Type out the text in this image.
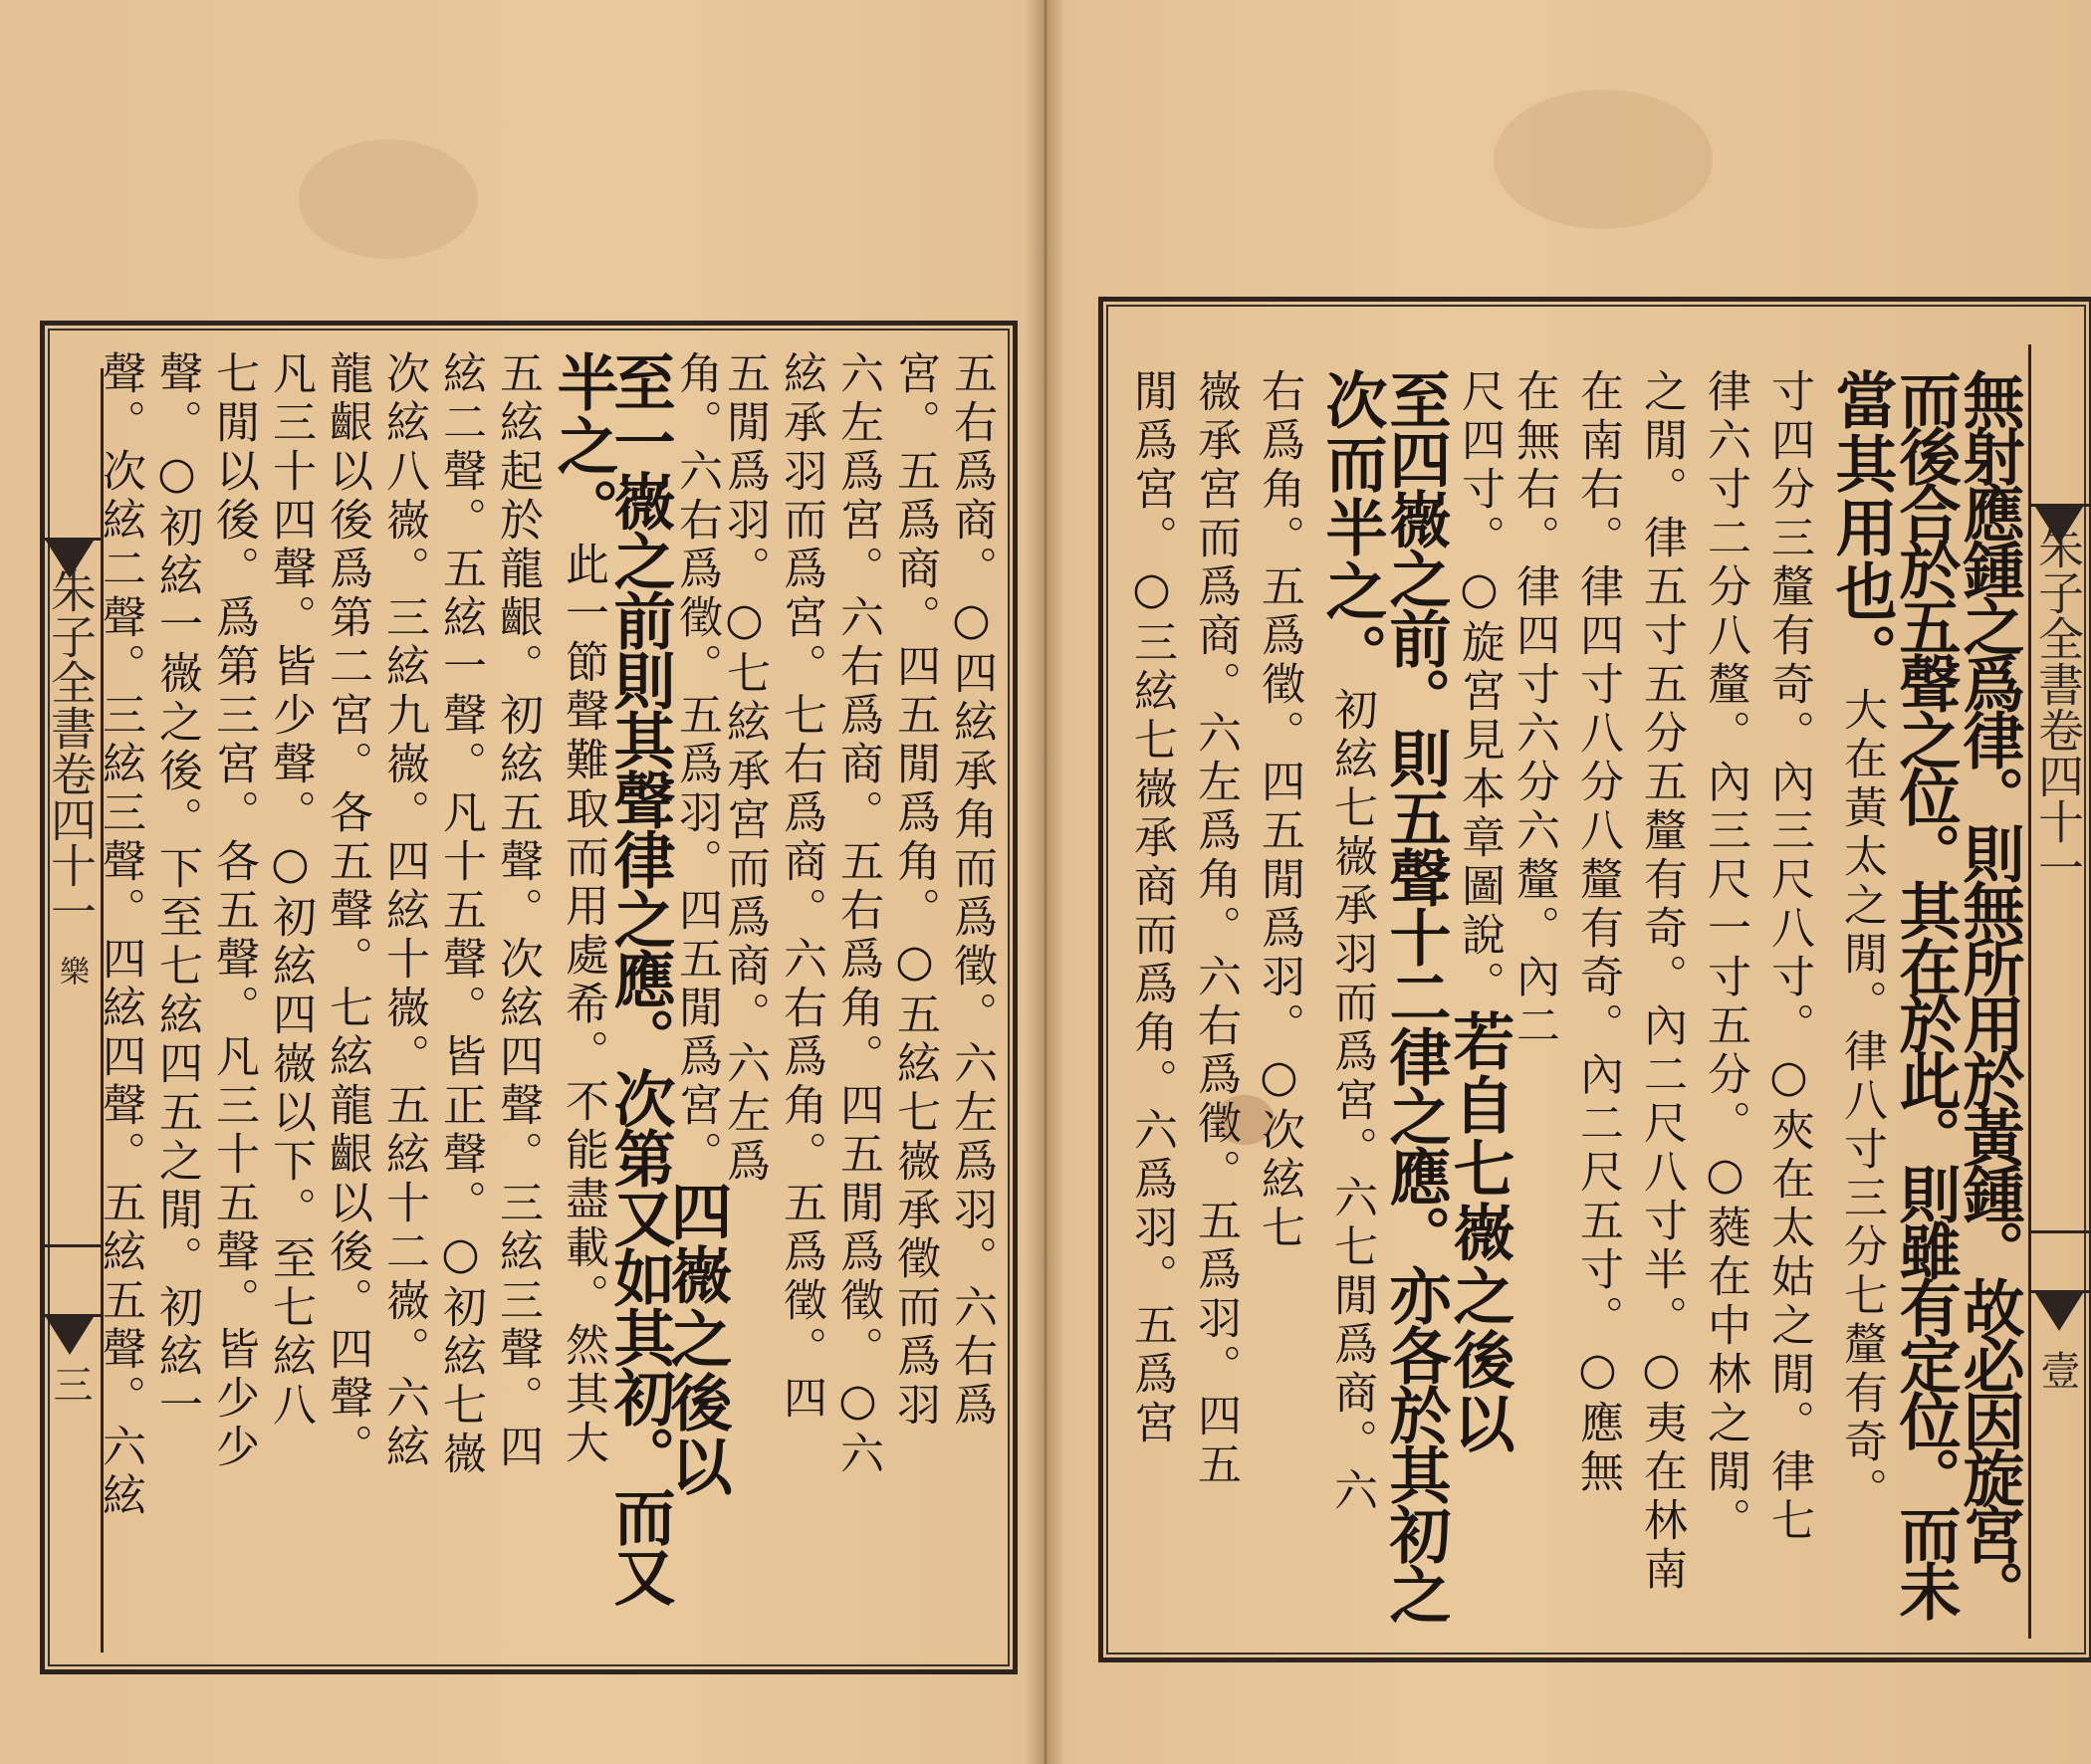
朱子全書卷四十一
樂
三	五右爲商。○四絃承角而爲徵。六左爲羽。六右爲
宮。五爲商。四五閒爲角。○五絃七嶶承徵而爲羽
六左爲宮。六右爲商。五右爲角。四五閒爲徵。○六
絃承羽而爲宮。七右爲商。六右爲角。五爲徵。四
五閒爲羽。○七絃承宮而爲商。六左爲
角。六右爲徵。五爲羽。四五閒爲宮。四嶶之後以
至一嶶之前則其聲律之應。次第又如其初。而又
半之。此一節聲難取而用處希。不能盡載。然其大
五絃起於龍齦。初絃五聲。次絃四聲。三絃三聲。四
絃二聲。五絃一聲。凡十五聲。皆正聲。○初絃七嶶
次絃八嶶。三絃九嶶。四絃十嶶。五絃十二嶶。六絃
龍齦以後爲第二宮。各五聲。七絃龍齦以後。四聲。
凡三十四聲。皆少聲。○初絃四嶶以下。至七絃八
七閒以後。爲第三宮。各五聲。凡三十五聲。皆少少
聲。○初絃一嶶之後。下至七絃四五之閒。初絃一
聲。次絃二聲。三絃三聲。四絃四聲。五絃五聲。六絃	朱子全書卷四十一
壹
無射應鍾之爲律。則無所用於黃鍾。故必因旋宮。
而後合於五聲之位。其在於此。則雖有定位。而未
當其用也。大在黃太之閒。律八寸三分七釐有奇。
寸四分三釐有奇。內三尺八寸。○夾在太姑之閒。律七
律六寸二分八釐。內三尺一寸五分。○蕤在中林之閒。
之閒。律五寸五分五釐有奇。內二尺八寸半。○夷在林南
在南右。律四寸八分八釐有奇。內二尺五寸。○應無
在無右。律四寸六分六釐。內二
尺四寸。○旋宮見本章圖說。若自七嶶之後以
至四嶶之前。則五聲十二律之應。亦各於其初之
次而半之。初絃七嶶承羽而爲宮。六七閒爲商。六
右爲角。五爲徵。四五閒爲羽。○次絃七
嶶承宮而爲商。六左爲角。六右爲徵。五爲羽。四五
閒爲宮。○三絃七嶶承商而爲角。六爲羽。五爲宮
